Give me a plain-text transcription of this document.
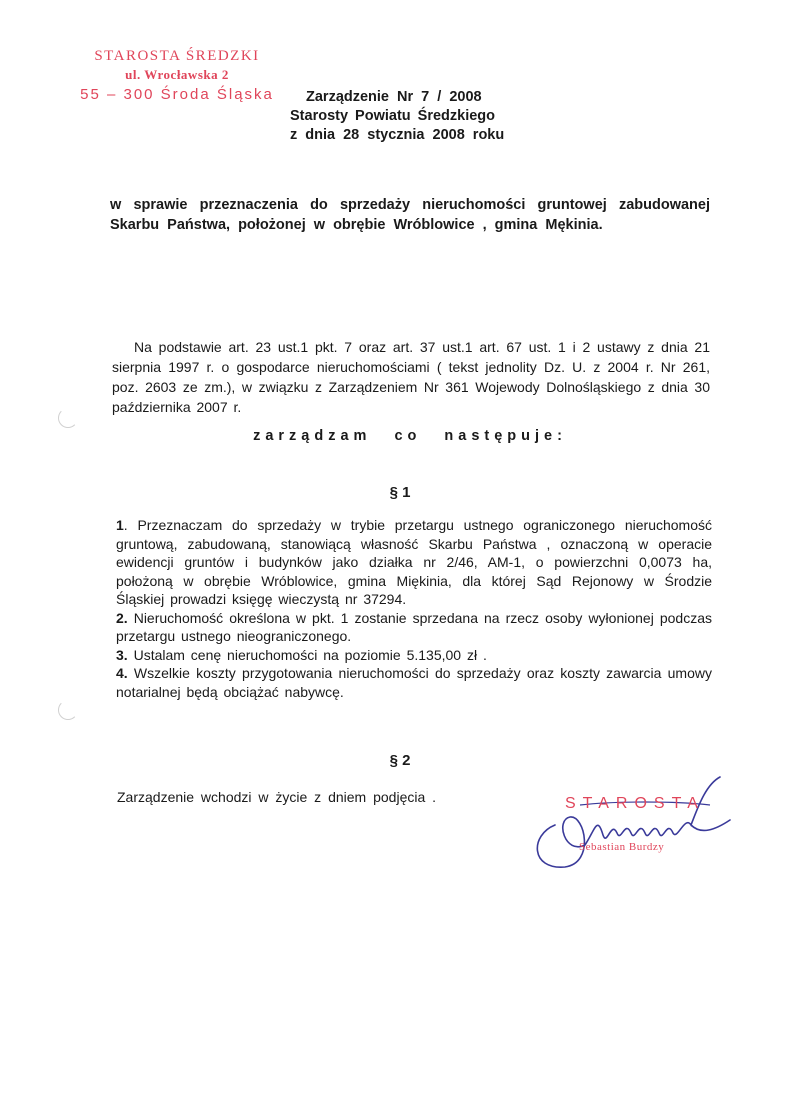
STAROSTA ŚREDZKI
ul. Wrocławska 2
55 – 300 Środa Śląska	Zarządzenie Nr 7 / 2008
Starosty Powiatu Średzkiego
z dnia 28 stycznia 2008 roku
w sprawie przeznaczenia do sprzedaży nieruchomości gruntowej zabudowanej Skarbu Państwa, położonej w obrębie Wróblowice , gmina Mękinia.
Na podstawie art. 23 ust.1 pkt. 7 oraz art. 37 ust.1 art. 67 ust. 1 i 2 ustawy z dnia 21 sierpnia 1997 r. o gospodarce nieruchomościami ( tekst jednolity Dz. U. z 2004 r. Nr 261, poz. 2603 ze zm.), w związku z Zarządzeniem Nr 361 Wojewody Dolnośląskiego z dnia 30 października 2007 r.
zarządzam co następuje:
§ 1

1. Przeznaczam do sprzedaży w trybie przetargu ustnego ograniczonego nieruchomość gruntową, zabudowaną, stanowiącą własność Skarbu Państwa , oznaczoną w operacie ewidencji gruntów i budynków jako działka nr 2/46, AM-1, o powierzchni 0,0073 ha, położoną w obrębie Wróblowice, gmina Miękinia, dla której Sąd Rejonowy w Środzie Śląskiej prowadzi księgę wieczystą nr 37294.

2. Nieruchomość określona w pkt. 1 zostanie sprzedana na rzecz osoby wyłonionej podczas przetargu ustnego nieograniczonego.

3. Ustalam cenę nieruchomości na poziomie 5.135,00 zł .

4. Wszelkie koszty przygotowania nieruchomości do sprzedaży oraz koszty zawarcia umowy notarialnej będą obciążać nabywcę.

§ 2
Zarządzenie wchodzi w życie z dniem podjęcia .	STAROSTA
Sebastian Burdzy
